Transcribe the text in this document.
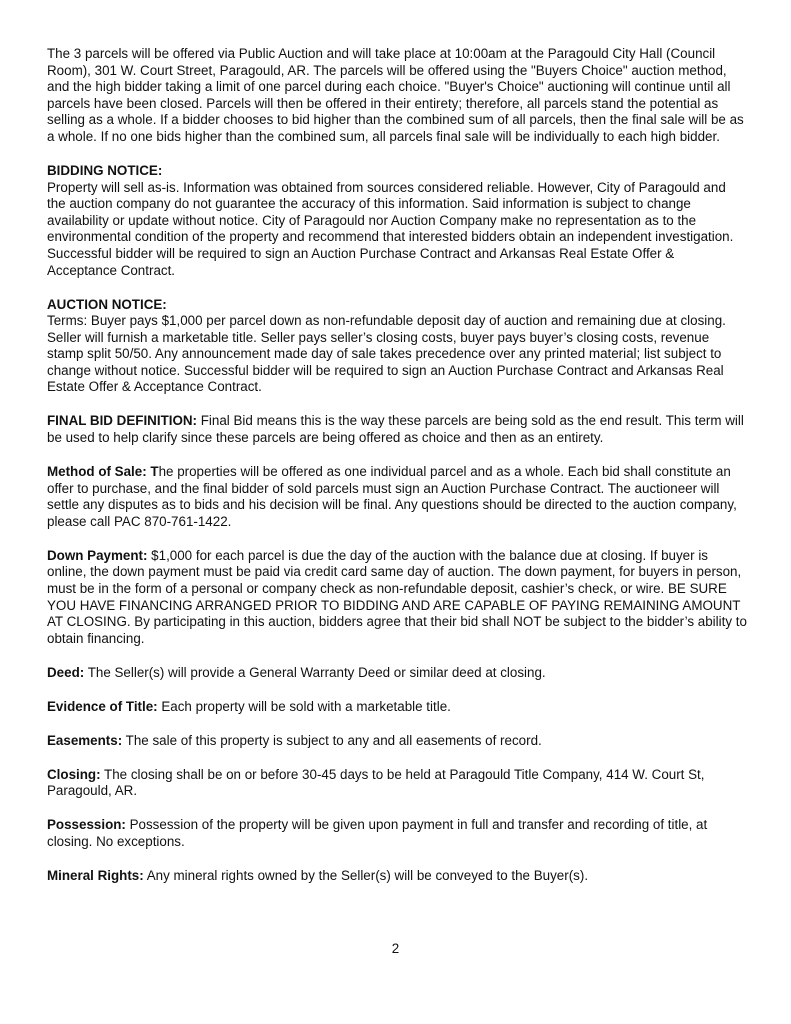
The 3 parcels will be offered via Public Auction and will take place at 10:00am at the Paragould City Hall (Council Room), 301 W. Court Street, Paragould, AR. The parcels will be offered using the "Buyers Choice" auction method, and the high bidder taking a limit of one parcel during each choice. "Buyer's Choice" auctioning will continue until all parcels have been closed. Parcels will then be offered in their entirety; therefore, all parcels stand the potential as selling as a whole. If a bidder chooses to bid higher than the combined sum of all parcels, then the final sale will be as a whole. If no one bids higher than the combined sum, all parcels final sale will be individually to each high bidder.

BIDDING NOTICE:
Property will sell as-is. Information was obtained from sources considered reliable. However, City of Paragould and the auction company do not guarantee the accuracy of this information. Said information is subject to change availability or update without notice. City of Paragould nor Auction Company make no representation as to the environmental condition of the property and recommend that interested bidders obtain an independent investigation. Successful bidder will be required to sign an Auction Purchase Contract and Arkansas Real Estate Offer & Acceptance Contract.

AUCTION NOTICE:
Terms: Buyer pays $1,000 per parcel down as non-refundable deposit day of auction and remaining due at closing. Seller will furnish a marketable title. Seller pays seller’s closing costs, buyer pays buyer’s closing costs, revenue stamp split 50/50. Any announcement made day of sale takes precedence over any printed material; list subject to change without notice. Successful bidder will be required to sign an Auction Purchase Contract and Arkansas Real Estate Offer & Acceptance Contract.

FINAL BID DEFINITION: Final Bid means this is the way these parcels are being sold as the end result. This term will be used to help clarify since these parcels are being offered as choice and then as an entirety.

Method of Sale: The properties will be offered as one individual parcel and as a whole. Each bid shall constitute an offer to purchase, and the final bidder of sold parcels must sign an Auction Purchase Contract. The auctioneer will settle any disputes as to bids and his decision will be final. Any questions should be directed to the auction company, please call PAC 870-761-1422.

Down Payment: $1,000 for each parcel is due the day of the auction with the balance due at closing. If buyer is online, the down payment must be paid via credit card same day of auction. The down payment, for buyers in person, must be in the form of a personal or company check as non-refundable deposit, cashier’s check, or wire. BE SURE YOU HAVE FINANCING ARRANGED PRIOR TO BIDDING AND ARE CAPABLE OF PAYING REMAINING AMOUNT AT CLOSING. By participating in this auction, bidders agree that their bid shall NOT be subject to the bidder’s ability to obtain financing.

Deed: The Seller(s) will provide a General Warranty Deed or similar deed at closing.

Evidence of Title: Each property will be sold with a marketable title.

Easements: The sale of this property is subject to any and all easements of record.

Closing: The closing shall be on or before 30-45 days to be held at Paragould Title Company, 414 W. Court St, Paragould, AR.

Possession: Possession of the property will be given upon payment in full and transfer and recording of title, at closing. No exceptions.

Mineral Rights: Any mineral rights owned by the Seller(s) will be conveyed to the Buyer(s).

2
